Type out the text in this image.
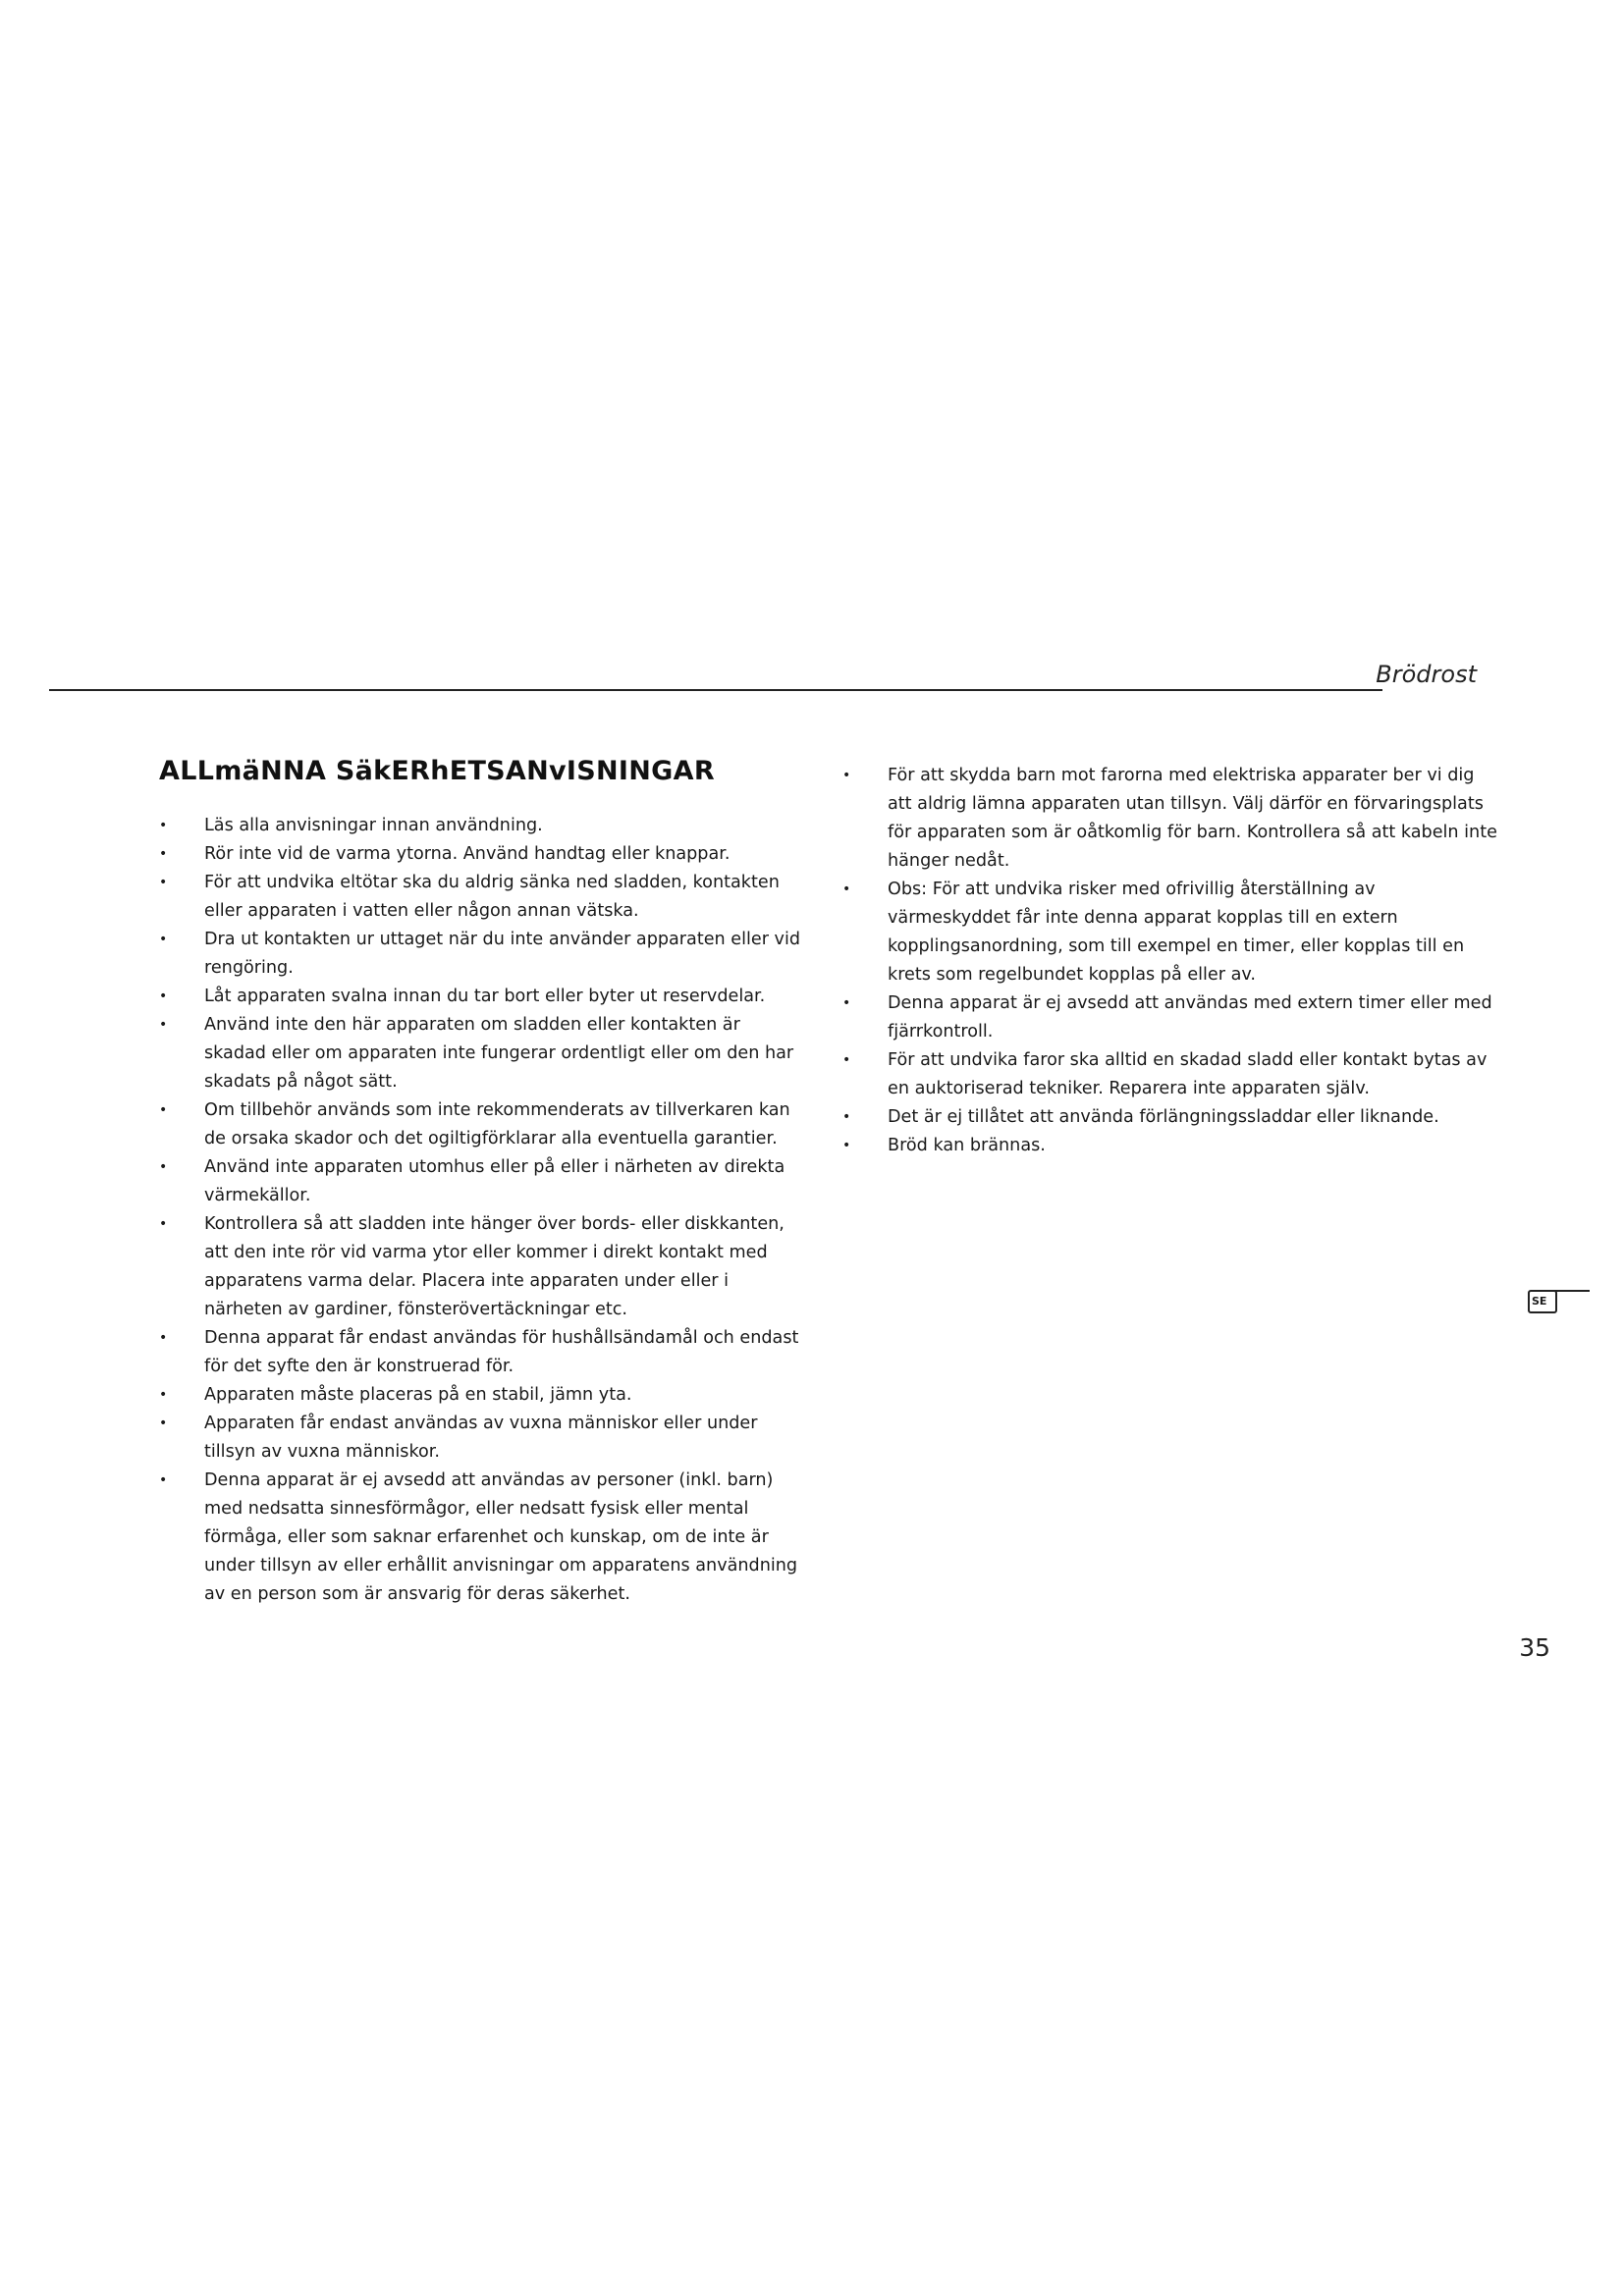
Brödrost
ALLmäNNA SäkERhETSANvISNINGAR
• Läs alla anvisningar innan användning.
• Rör inte vid de varma ytorna. Använd handtag eller knappar.
• För att undvika eltötar ska du aldrig sänka ned sladden, kontakten eller apparaten i vatten eller någon annan vätska.
• Dra ut kontakten ur uttaget när du inte använder apparaten eller vid rengöring.
• Låt apparaten svalna innan du tar bort eller byter ut reservdelar.
• Använd inte den här apparaten om sladden eller kontakten är skadad eller om apparaten inte fungerar ordentligt eller om den har skadats på något sätt.
• Om tillbehör används som inte rekommenderats av tillverkaren kan de orsaka skador och det ogiltigförklarar alla eventuella garantier.
• Använd inte apparaten utomhus eller på eller i närheten av direkta värmekällor.
• Kontrollera så att sladden inte hänger över bords- eller diskkanten, att den inte rör vid varma ytor eller kommer i direkt kontakt med apparatens varma delar. Placera inte apparaten under eller i närheten av gardiner, fönsterövertäckningar etc.
• Denna apparat får endast användas för hushållsändamål och endast för det syfte den är konstruerad för.
• Apparaten måste placeras på en stabil, jämn yta.
• Apparaten får endast användas av vuxna människor eller under tillsyn av vuxna människor.
• Denna apparat är ej avsedd att användas av personer (inkl. barn) med nedsatta sinnesförmågor, eller nedsatt fysisk eller mental förmåga, eller som saknar erfarenhet och kunskap, om de inte är under tillsyn av eller erhållit anvisningar om apparatens användning av en person som är ansvarig för deras säkerhet.
• För att skydda barn mot farorna med elektriska apparater ber vi dig att aldrig lämna apparaten utan tillsyn. Välj därför en förvaringsplats för apparaten som är oåtkomlig för barn. Kontrollera så att kabeln inte hänger nedåt.
• Obs: För att undvika risker med ofrivillig återställning av värmeskyddet får inte denna apparat kopplas till en extern kopplingsanordning, som till exempel en timer, eller kopplas till en krets som regelbundet kopplas på eller av.
• Denna apparat är ej avsedd att användas med extern timer eller med fjärrkontroll.
• För att undvika faror ska alltid en skadad sladd eller kontakt bytas av en auktoriserad tekniker. Reparera inte apparaten själv.
• Det är ej tillåtet att använda förlängningssladdar eller liknande.
• Bröd kan brännas.
SE
35
